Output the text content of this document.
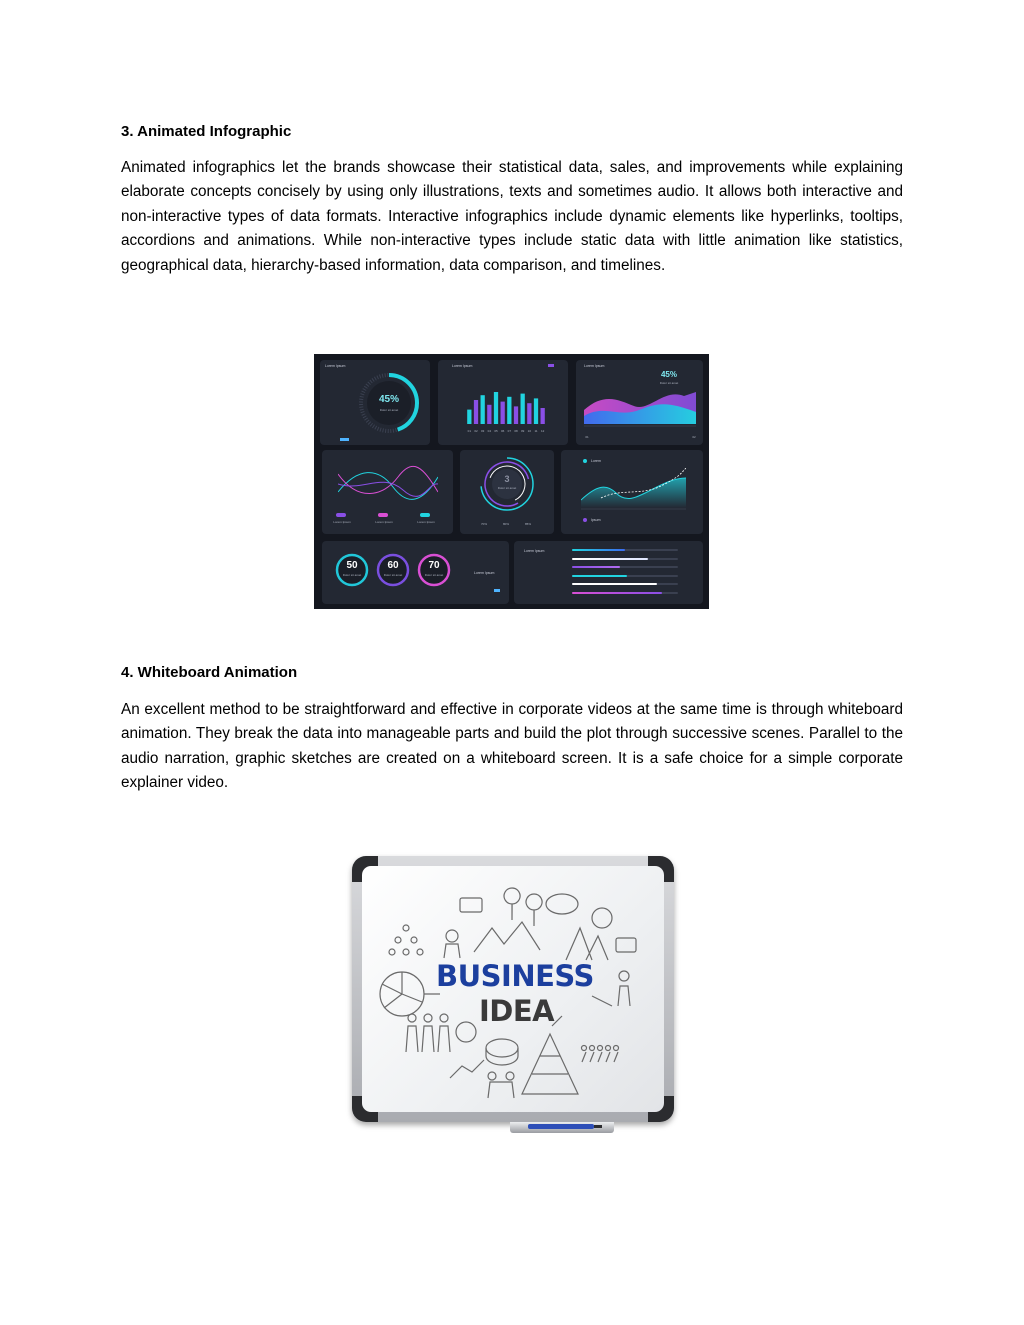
3. Animated Infographic

Animated infographics let the brands showcase their statistical data, sales, and improvements while explaining elaborate concepts concisely by using only illustrations, texts and sometimes audio. It allows both interactive and non-interactive types of data formats. Interactive infographics include dynamic elements like hyperlinks, tooltips, accordions and animations. While non-interactive types include static data with little animation like statistics, geographical data, hierarchy-based information, data comparison, and timelines.

Lorem Ipsum
45%
Dolor sit amet
Lorem Ipsum
01 02 03 04 05 06 07 08 09 10 11 12
Lorem Ipsum
45%
Dolor sit amet
01	02
Lorem Ipsum	Lorem Ipsum	Lorem Ipsum
3
Dolor sit amet
70%	80%	85%
Lorem
Ipsum
50
Dolor sit amet
60
Dolor sit amet
70
Dolor sit amet	Lorem Ipsum
Lorem Ipsum
4. Whiteboard Animation

An excellent method to be straightforward and effective in corporate videos at the same time is through whiteboard animation. They break the data into manageable parts and build the plot through successive scenes. Parallel to the audio narration, graphic sketches are created on a whiteboard screen. It is a safe choice for a simple corporate explainer video.

BUSINESS
IDEA
